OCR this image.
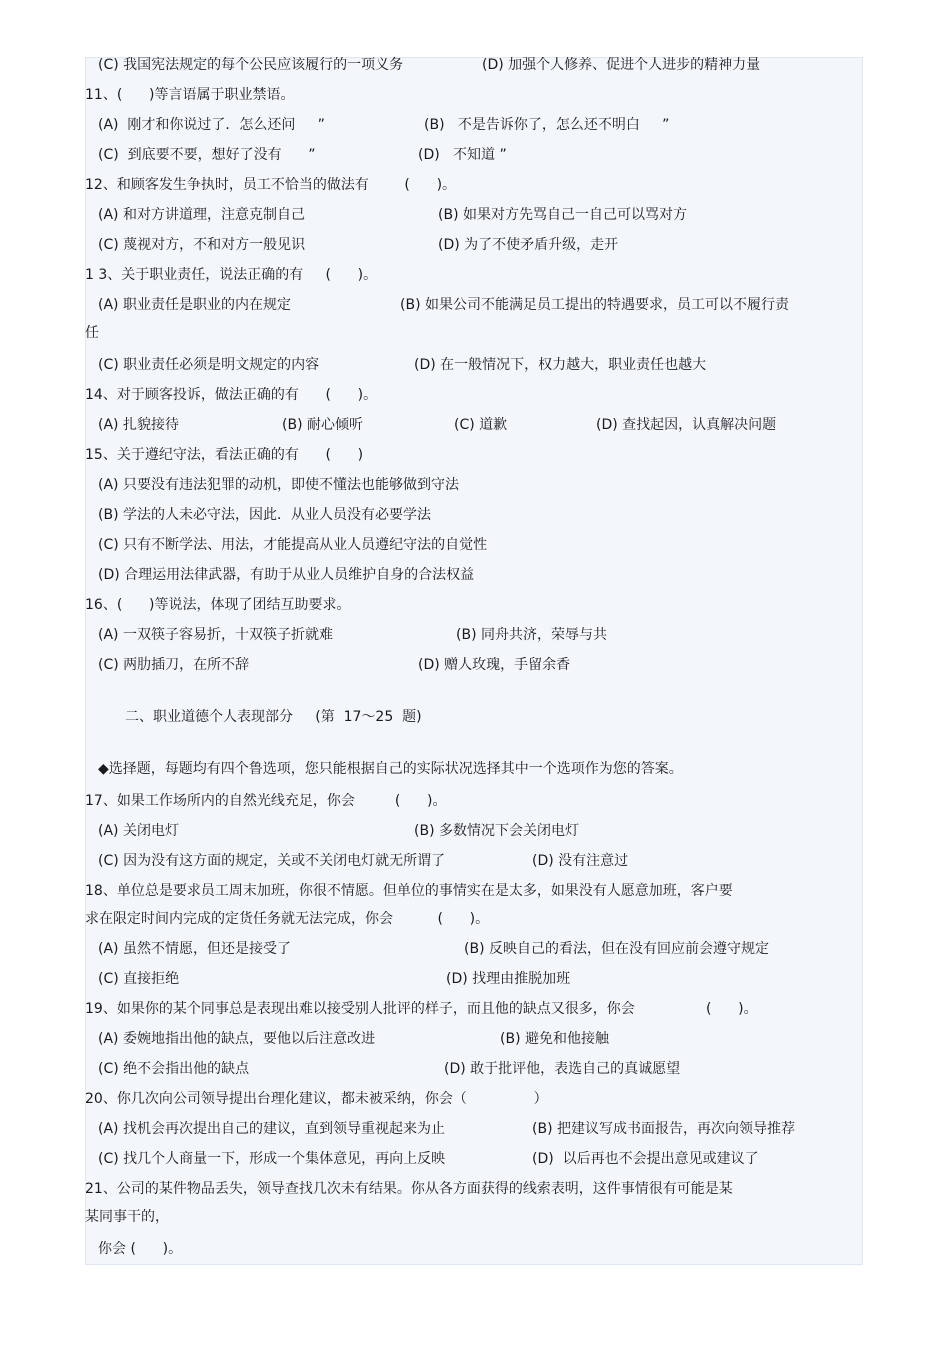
(C) 我国宪法规定的每个公民应该履行的一项义务	(D) 加强个人修养、促进个人进步的精神力量
11、(      )等言语属于职业禁语。
(A)  刚才和你说过了．怎么还问     ”	(B)   不是告诉你了，怎么还不明白     ”
(C)  到底要不要，想好了没有      ”	(D)   不知道 ”
12、和顾客发生争执时，员工不恰当的做法有        (      )。
(A) 和对方讲道理，注意克制自己	(B) 如果对方先骂自己一自己可以骂对方
(C) 蔑视对方，不和对方一般见识	(D) 为了不使矛盾升级，走开
1 3、关于职业责任，说法正确的有     (      )。
(A) 职业责任是职业的内在规定	(B) 如果公司不能满足员工提出的特遇要求，员工可以不履行责
任
(C) 职业责任必须是明文规定的内容	(D) 在一般情况下，权力越大，职业责任也越大
14、对于顾客投诉，做法正确的有      (      )。
(A) 扎貌接待	(B) 耐心倾听	(C) 道歉	(D) 查找起因，认真解决问题
15、关于遵纪守法，看法正确的有      (      )
(A) 只要没有违法犯罪的动机，即使不懂法也能够做到守法
(B) 学法的人未必守法，因此．从业人员没有必要学法
(C) 只有不断学法、用法，才能提高从业人员遵纪守法的自觉性
(D) 合理运用法律武器，有助于从业人员维护自身的合法权益
16、(      )等说法，体现了团结互助要求。
(A) 一双筷子容易折，十双筷子折就难	(B) 同舟共济，荣辱与共
(C) 两肋插刀，在所不辞	(D) 赠人玫瑰，手留余香
二、职业道德个人表现部分     (第  17～25  题)
◆选择题，每题均有四个鲁选项，您只能根据自己的实际状况选择其中一个选项作为您的答案。
17、如果工作场所内的自然光线充足，你会         (      )。
(A) 关闭电灯	(B) 多数情况下会关闭电灯
(C) 因为没有这方面的规定，关或不关闭电灯就无所谓了	(D) 没有注意过
18、单位总是要求员工周末加班，你很不情愿。但单位的事情实在是太多，如果没有人愿意加班，客户要
求在限定时间内完成的定货任务就无法完成，你会          (      )。
(A) 虽然不情愿，但还是接受了	(B) 反映自己的看法，但在没有回应前会遵守规定
(C) 直接拒绝	(D) 找理由推脱加班
19、如果你的某个同事总是表现出难以接受别人批评的样子，而且他的缺点又很多，你会                (      )。
(A) 委婉地指出他的缺点，要他以后注意改进	(B) 避免和他接触
(C) 绝不会指出他的缺点	(D) 敢于批评他，表选自己的真诚愿望
20、你几次向公司领导提出台理化建议，都未被采纳，你会（               ）
(A) 找机会再次提出自己的建议，直到领导重视起来为止	(B) 把建议写成书面报告，再次向领导推荐
(C) 找几个人商量一下，形成一个集体意见，再向上反映	(D)  以后再也不会提出意见或建议了
21、公司的某件物品丢失，领导查找几次未有结果。你从各方面获得的线索表明，这件事情很有可能是某
某同事干的，
你会 (      )。
